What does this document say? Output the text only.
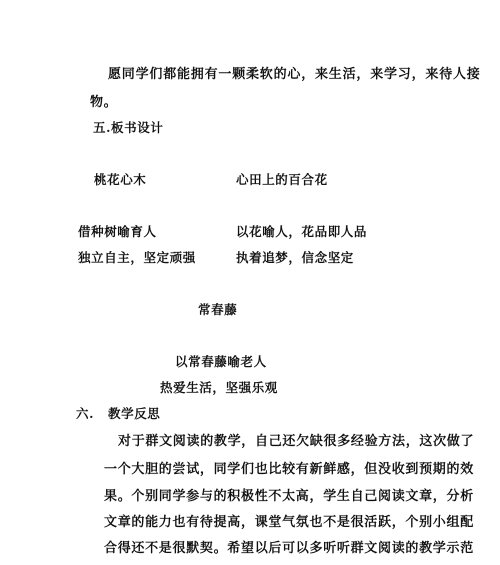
愿同学们都能拥有一颗柔软的心，来生活，来学习，来待人接
物。
五.板书设计
桃花心木	心田上的百合花
借种树喻育人	以花喻人，花品即人品
独立自主，坚定顽强	执着追梦，信念坚定
常春藤
以常春藤喻老人
热爱生活，坚强乐观
六. 教学反思
对于群文阅读的教学，自己还欠缺很多经验方法，这次做了
一个大胆的尝试，同学们也比较有新鲜感，但没收到预期的效
果。个别同学参与的积极性不太高，学生自己阅读文章，分析
文章的能力也有待提高，课堂气氛也不是很活跃，个别小组配
合得还不是很默契。希望以后可以多听听群文阅读的教学示范
